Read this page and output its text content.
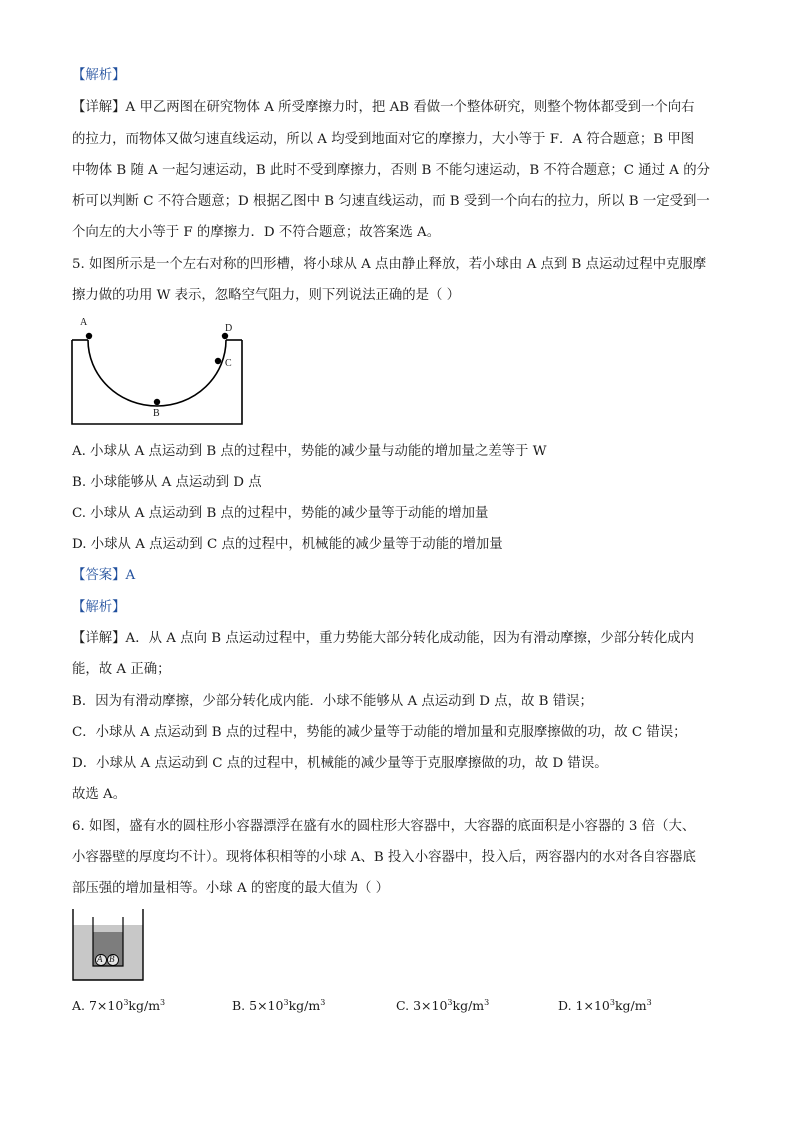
【解析】
【详解】A 甲乙两图在研究物体 A 所受摩擦力时，把 AB 看做一个整体研究，则整个物体都受到一个向右
的拉力，而物体又做匀速直线运动，所以 A 均受到地面对它的摩擦力，大小等于 F．A 符合题意；B 甲图
中物体 B 随 A 一起匀速运动，B 此时不受到摩擦力，否则 B 不能匀速运动，B 不符合题意；C 通过 A 的分
析可以判断 C 不符合题意；D 根据乙图中 B 匀速直线运动，而 B 受到一个向右的拉力，所以 B 一定受到一
个向左的大小等于 F 的摩擦力．D 不符合题意；故答案选 A。
5. 如图所示是一个左右对称的凹形槽，将小球从 A 点由静止释放，若小球由 A 点到 B 点运动过程中克服摩
擦力做的功用 W 表示，忽略空气阻力，则下列说法正确的是（ ）
A
D
C
B
A. 小球从 A 点运动到 B 点的过程中，势能的减少量与动能的增加量之差等于 W
B. 小球能够从 A 点运动到 D 点
C. 小球从 A 点运动到 B 点的过程中，势能的减少量等于动能的增加量
D. 小球从 A 点运动到 C 点的过程中，机械能的减少量等于动能的增加量
【答案】A
【解析】
【详解】A．从 A 点向 B 点运动过程中，重力势能大部分转化成动能，因为有滑动摩擦，少部分转化成内
能，故 A 正确；
B．因为有滑动摩擦，少部分转化成内能．小球不能够从 A 点运动到 D 点，故 B 错误；
C．小球从 A 点运动到 B 点的过程中，势能的减少量等于动能的增加量和克服摩擦做的功，故 C 错误；
D．小球从 A 点运动到 C 点的过程中，机械能的减少量等于克服摩擦做的功，故 D 错误。
故选 A。
6. 如图，盛有水的圆柱形小容器漂浮在盛有水的圆柱形大容器中，大容器的底面积是小容器的 3 倍（大、
小容器壁的厚度均不计）。现将体积相等的小球 A、B 投入小容器中，投入后，两容器内的水对各自容器底
部压强的增加量相等。小球 A 的密度的最大值为（ ）
A B
A. $7\times 10^3kg/m^3$	B. $5\times 10^3kg/m^3$	C. $3\times 10^3kg/m^3$	D. $1\times 10^3kg/m^3$
